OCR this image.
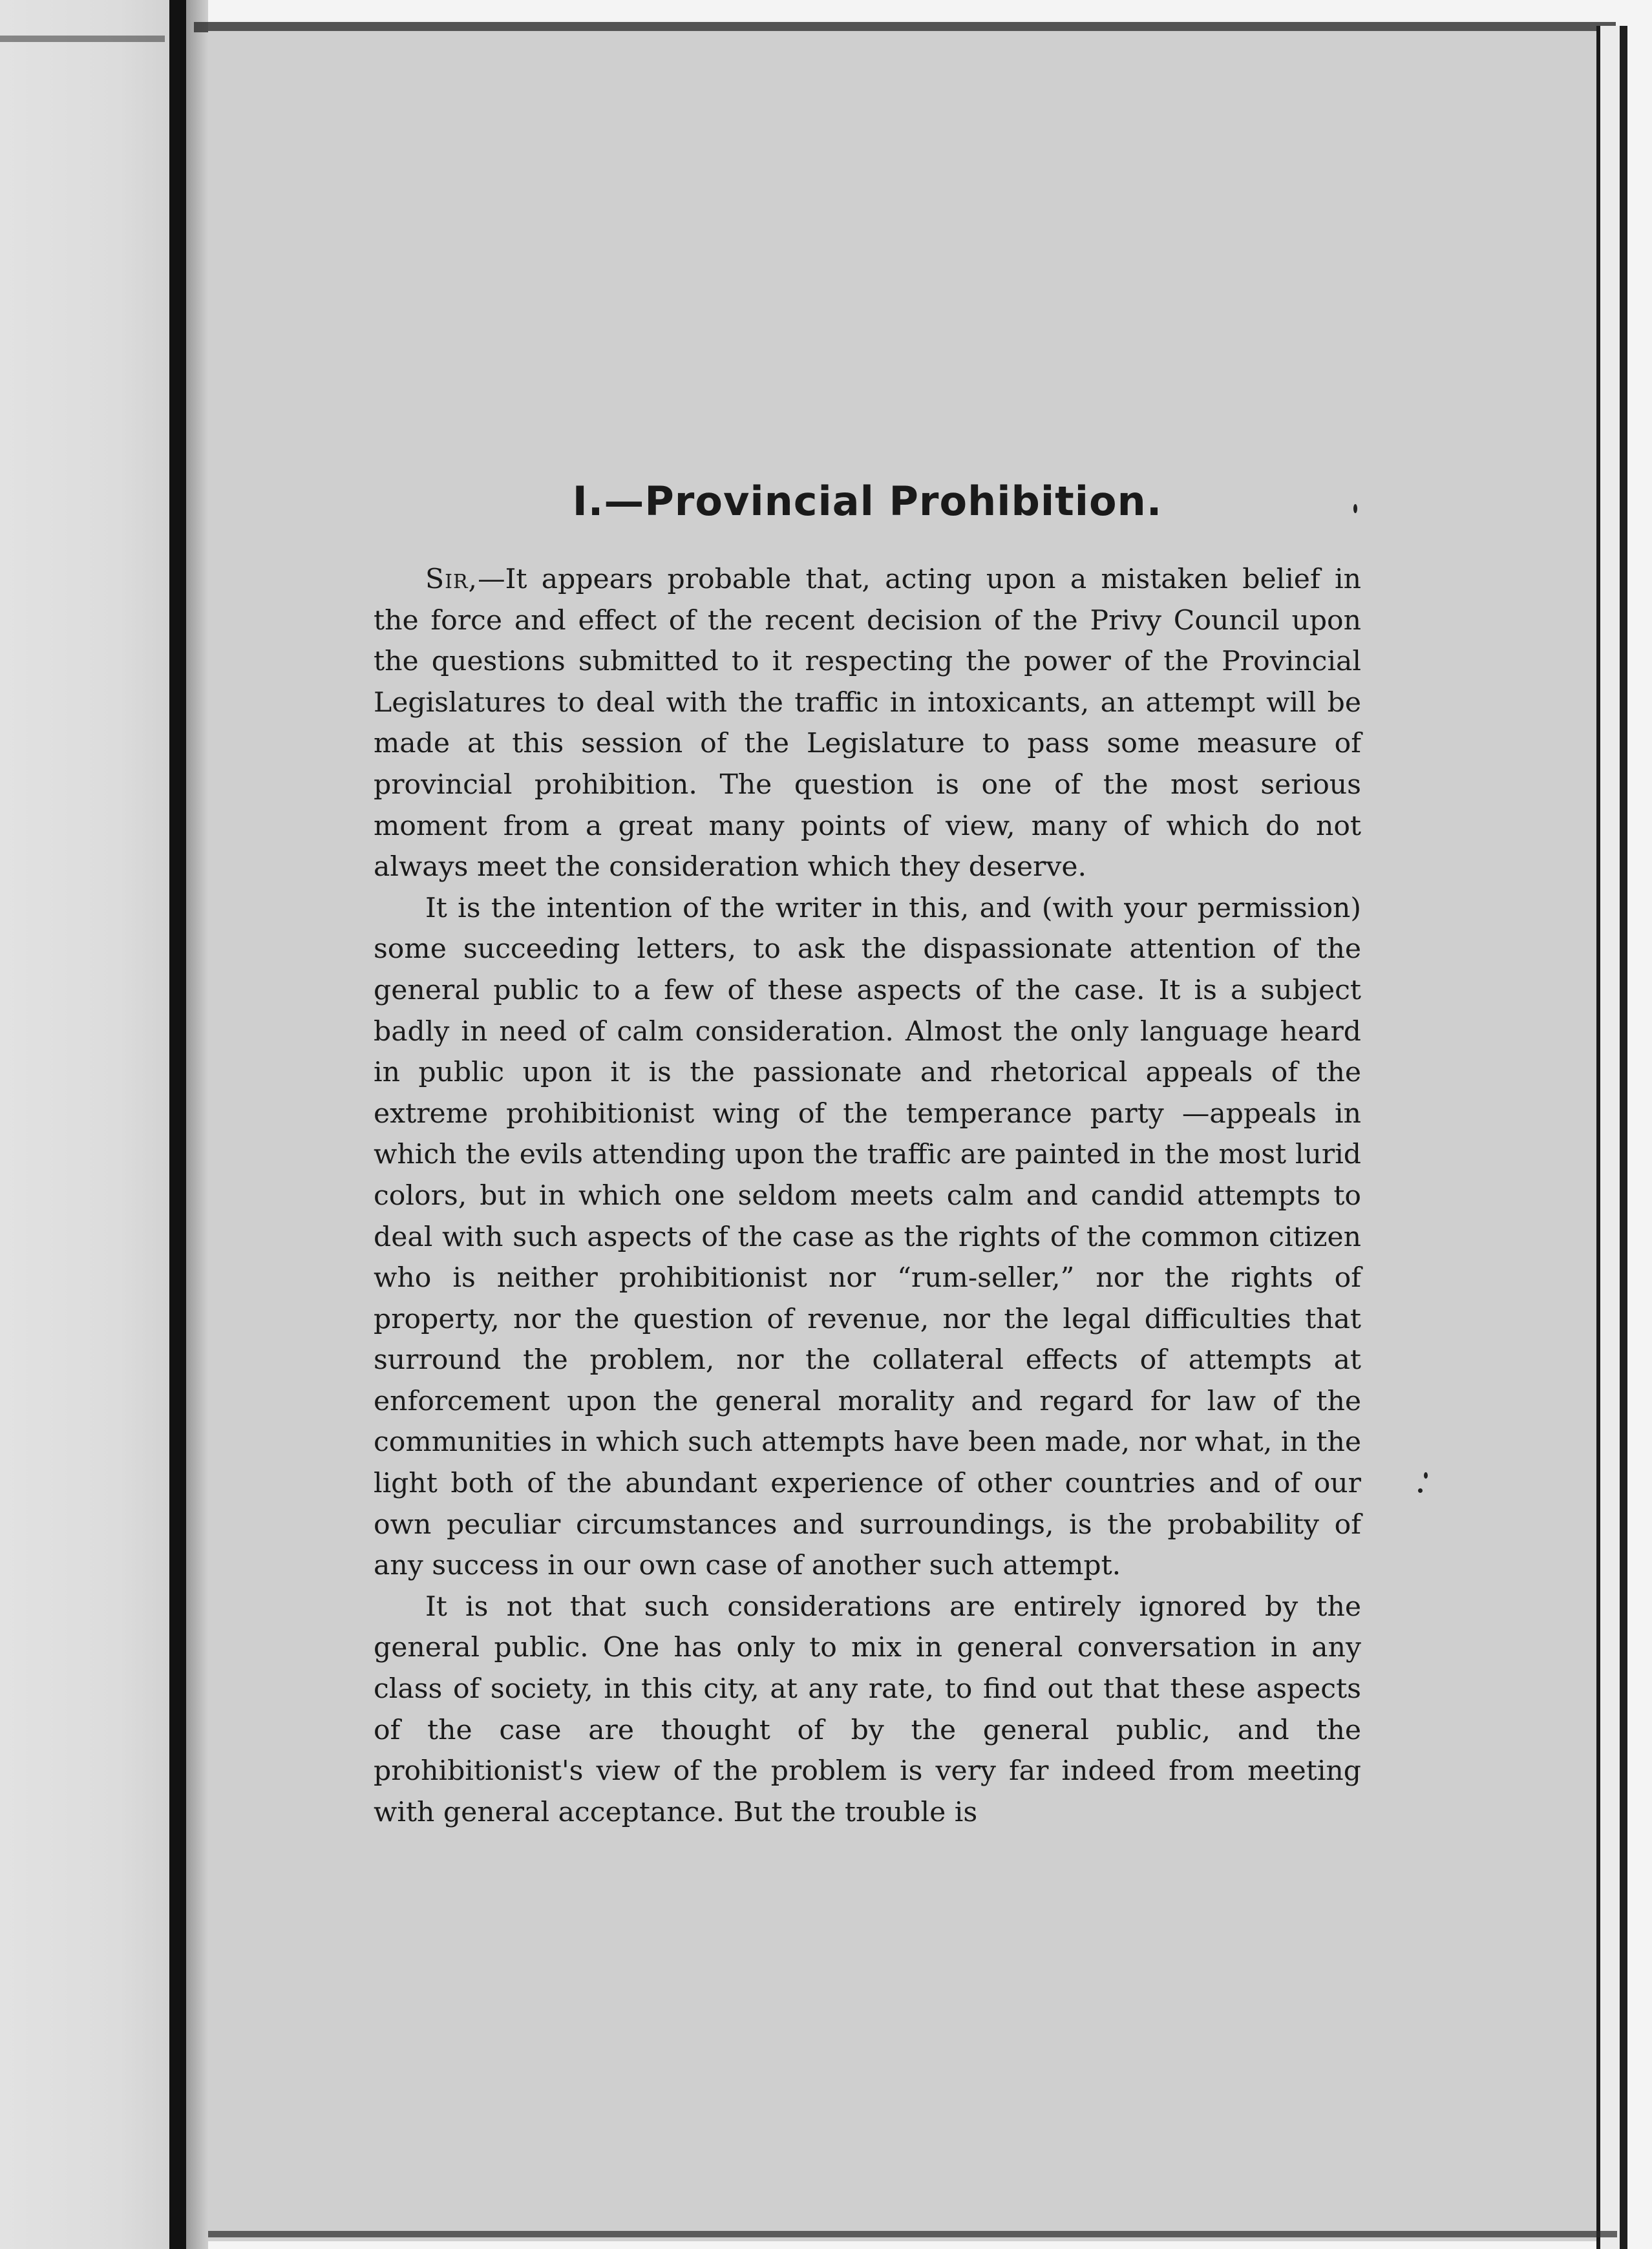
I.—Provincial Prohibition.

Sir,—It appears probable that, acting upon a mistaken belief in the force and effect of the recent decision of the Privy Council upon the questions submitted to it respecting the power of the Provincial Legislatures to deal with the traffic in intoxicants, an attempt will be made at this session of the Legislature to pass some measure of provincial prohibition. The question is one of the most serious moment from a great many points of view, many of which do not always meet the consideration which they deserve.

It is the intention of the writer in this, and (with your permission) some succeeding letters, to ask the dispassionate attention of the general public to a few of these aspects of the case. It is a subject badly in need of calm consideration. Almost the only language heard in public upon it is the passionate and rhetorical appeals of the extreme prohibitionist wing of the temperance party —appeals in which the evils attending upon the traffic are painted in the most lurid colors, but in which one seldom meets calm and candid attempts to deal with such aspects of the case as the rights of the common citizen who is neither prohibitionist nor “rum-seller,” nor the rights of property, nor the question of revenue, nor the legal difficulties that surround the problem, nor the collateral effects of attempts at enforcement upon the general morality and regard for law of the communities in which such attempts have been made, nor what, in the light both of the abundant experience of other countries and of our own peculiar circumstances and surroundings, is the probability of any success in our own case of another such attempt.

It is not that such considerations are entirely ignored by the general public. One has only to mix in general conversation in any class of society, in this city, at any rate, to find out that these aspects of the case are thought of by the general public, and the prohibitionist's view of the problem is very far indeed from meeting with general acceptance. But the trouble is
